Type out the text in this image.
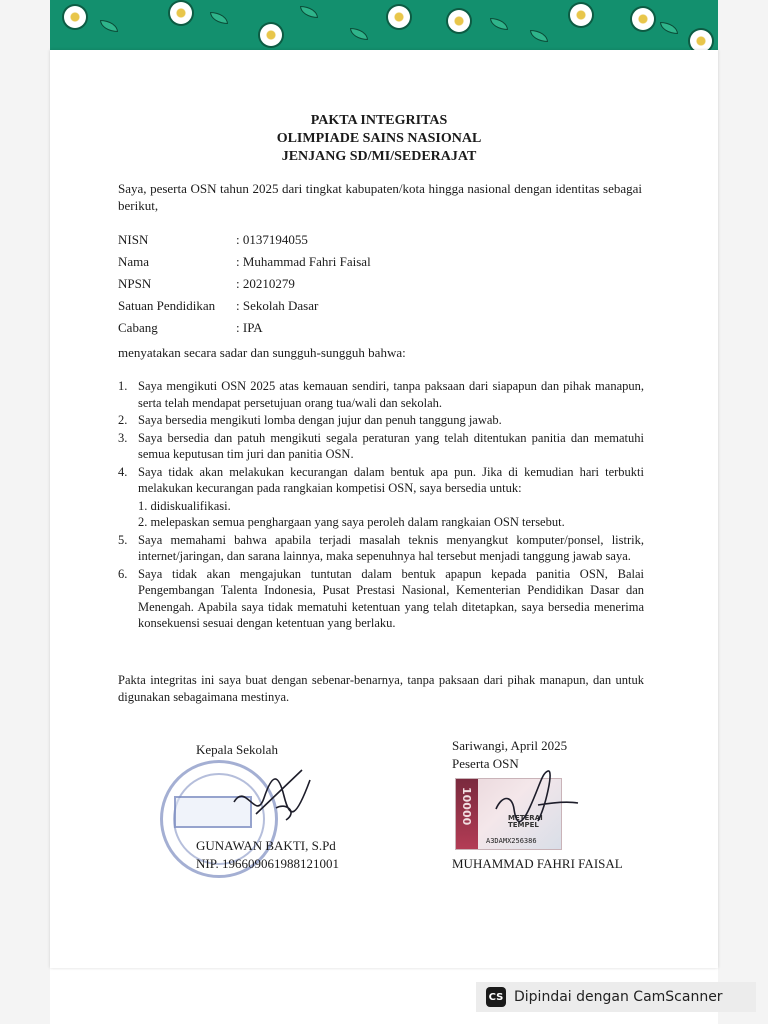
PAKTA INTEGRITAS
OLIMPIADE SAINS NASIONAL
JENJANG SD/MI/SEDERAJAT
Saya, peserta OSN tahun 2025 dari tingkat kabupaten/kota hingga nasional dengan identitas sebagai berikut,
NISN	: 0137194055
Nama	: Muhammad Fahri Faisal
NPSN	: 20210279
Satuan Pendidikan	: Sekolah Dasar
Cabang	: IPA
menyatakan secara sadar dan sungguh-sungguh bahwa:
1. Saya mengikuti OSN 2025 atas kemauan sendiri, tanpa paksaan dari siapapun dan pihak manapun, serta telah mendapat persetujuan orang tua/wali dan sekolah.
2. Saya bersedia mengikuti lomba dengan jujur dan penuh tanggung jawab.
3. Saya bersedia dan patuh mengikuti segala peraturan yang telah ditentukan panitia dan mematuhi semua keputusan tim juri dan panitia OSN.
4. Saya tidak akan melakukan kecurangan dalam bentuk apa pun. Jika di kemudian hari terbukti melakukan kecurangan pada rangkaian kompetisi OSN, saya bersedia untuk:
1. didiskualifikasi.
2. melepaskan semua penghargaan yang saya peroleh dalam rangkaian OSN tersebut.
5. Saya memahami bahwa apabila terjadi masalah teknis menyangkut komputer/ponsel, listrik, internet/jaringan, dan sarana lainnya, maka sepenuhnya hal tersebut menjadi tanggung jawab saya.
6. Saya tidak akan mengajukan tuntutan dalam bentuk apapun kepada panitia OSN, Balai Pengembangan Talenta Indonesia, Pusat Prestasi Nasional, Kementerian Pendidikan Dasar dan Menengah. Apabila saya tidak mematuhi ketentuan yang telah ditetapkan, saya bersedia menerima konsekuensi sesuai dengan ketentuan yang berlaku.
Pakta integritas ini saya buat dengan sebenar-benarnya, tanpa paksaan dari pihak manapun, dan untuk digunakan sebagaimana mestinya.
Kepala Sekolah
GUNAWAN BAKTI, S.Pd
NIP. 196609061988121001
Sariwangi, April 2025
Peserta OSN
10000	METERAI TEMPEL
A3DAMX256386
MUHAMMAD FAHRI FAISAL
CS Dipindai dengan CamScanner
